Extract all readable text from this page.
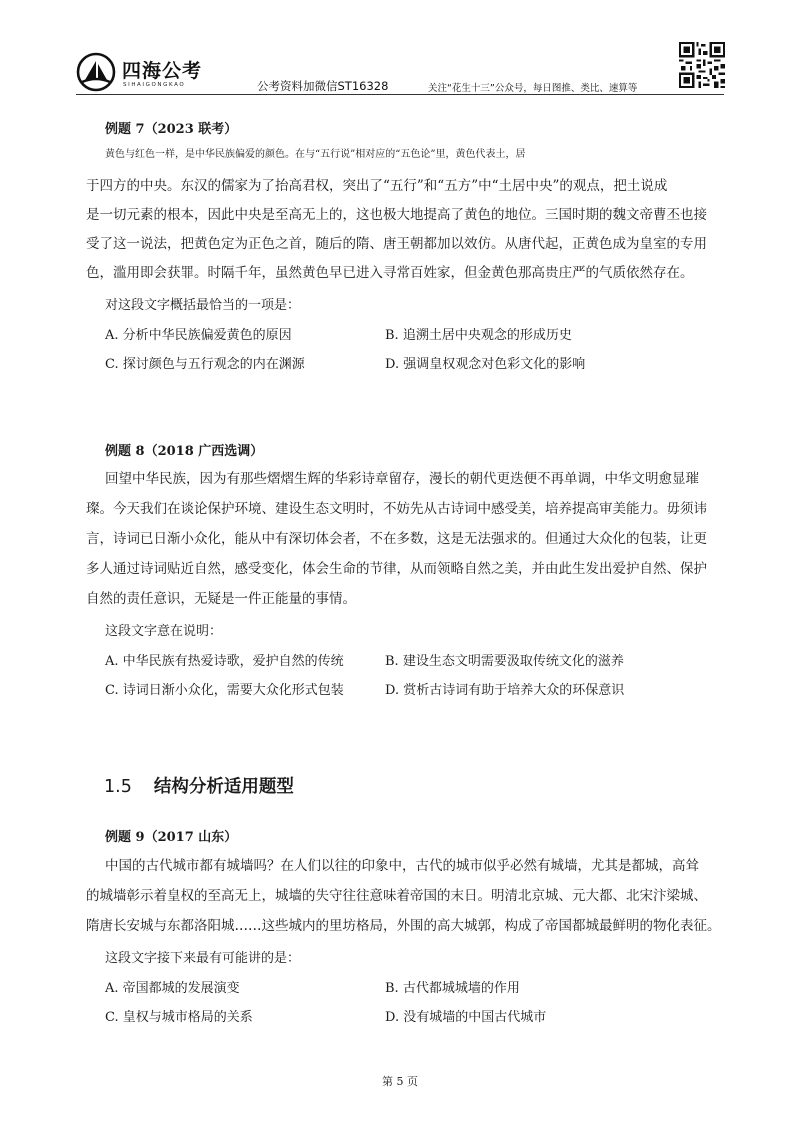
四海公考
SIHAIGONGKAO	公考资料加微信ST16328	关注“花生十三”公众号，每日图推、类比、速算等
例题 7（2023 联考）
黄色与红色一样，是中华民族偏爱的颜色。在与“五行说”相对应的“五色论”里，黄色代表土，居
于四方的中央。东汉的儒家为了抬高君权，突出了“五行”和“五方”中“土居中央”的观点，把土说成
是一切元素的根本，因此中央是至高无上的，这也极大地提高了黄色的地位。三国时期的魏文帝曹丕也接
受了这一说法，把黄色定为正色之首，随后的隋、唐王朝都加以效仿。从唐代起，正黄色成为皇室的专用
色，滥用即会获罪。时隔千年，虽然黄色早已进入寻常百姓家，但金黄色那高贵庄严的气质依然存在。
对这段文字概括最恰当的一项是：
A. 分析中华民族偏爱黄色的原因	B. 追溯土居中央观念的形成历史
C. 探讨颜色与五行观念的内在渊源	D. 强调皇权观念对色彩文化的影响
例题 8（2018 广西选调）
回望中华民族，因为有那些熠熠生辉的华彩诗章留存，漫长的朝代更迭便不再单调，中华文明愈显璀
璨。今天我们在谈论保护环境、建设生态文明时，不妨先从古诗词中感受美，培养提高审美能力。毋须讳
言，诗词已日渐小众化，能从中有深切体会者，不在多数，这是无法强求的。但通过大众化的包装，让更
多人通过诗词贴近自然，感受变化，体会生命的节律，从而领略自然之美，并由此生发出爱护自然、保护
自然的责任意识，无疑是一件正能量的事情。
这段文字意在说明：
A. 中华民族有热爱诗歌，爱护自然的传统	B. 建设生态文明需要汲取传统文化的滋养
C. 诗词日渐小众化，需要大众化形式包装	D. 赏析古诗词有助于培养大众的环保意识
1.5 结构分析适用题型
例题 9（2017 山东）
中国的古代城市都有城墙吗？在人们以往的印象中，古代的城市似乎必然有城墙，尤其是都城，高耸
的城墙彰示着皇权的至高无上，城墙的失守往往意味着帝国的末日。明清北京城、元大都、北宋汴梁城、
隋唐长安城与东都洛阳城……这些城内的里坊格局，外围的高大城郭，构成了帝国都城最鲜明的物化表征。
这段文字接下来最有可能讲的是：
A. 帝国都城的发展演变	B. 古代都城城墙的作用
C. 皇权与城市格局的关系	D. 没有城墙的中国古代城市
第 5 页
